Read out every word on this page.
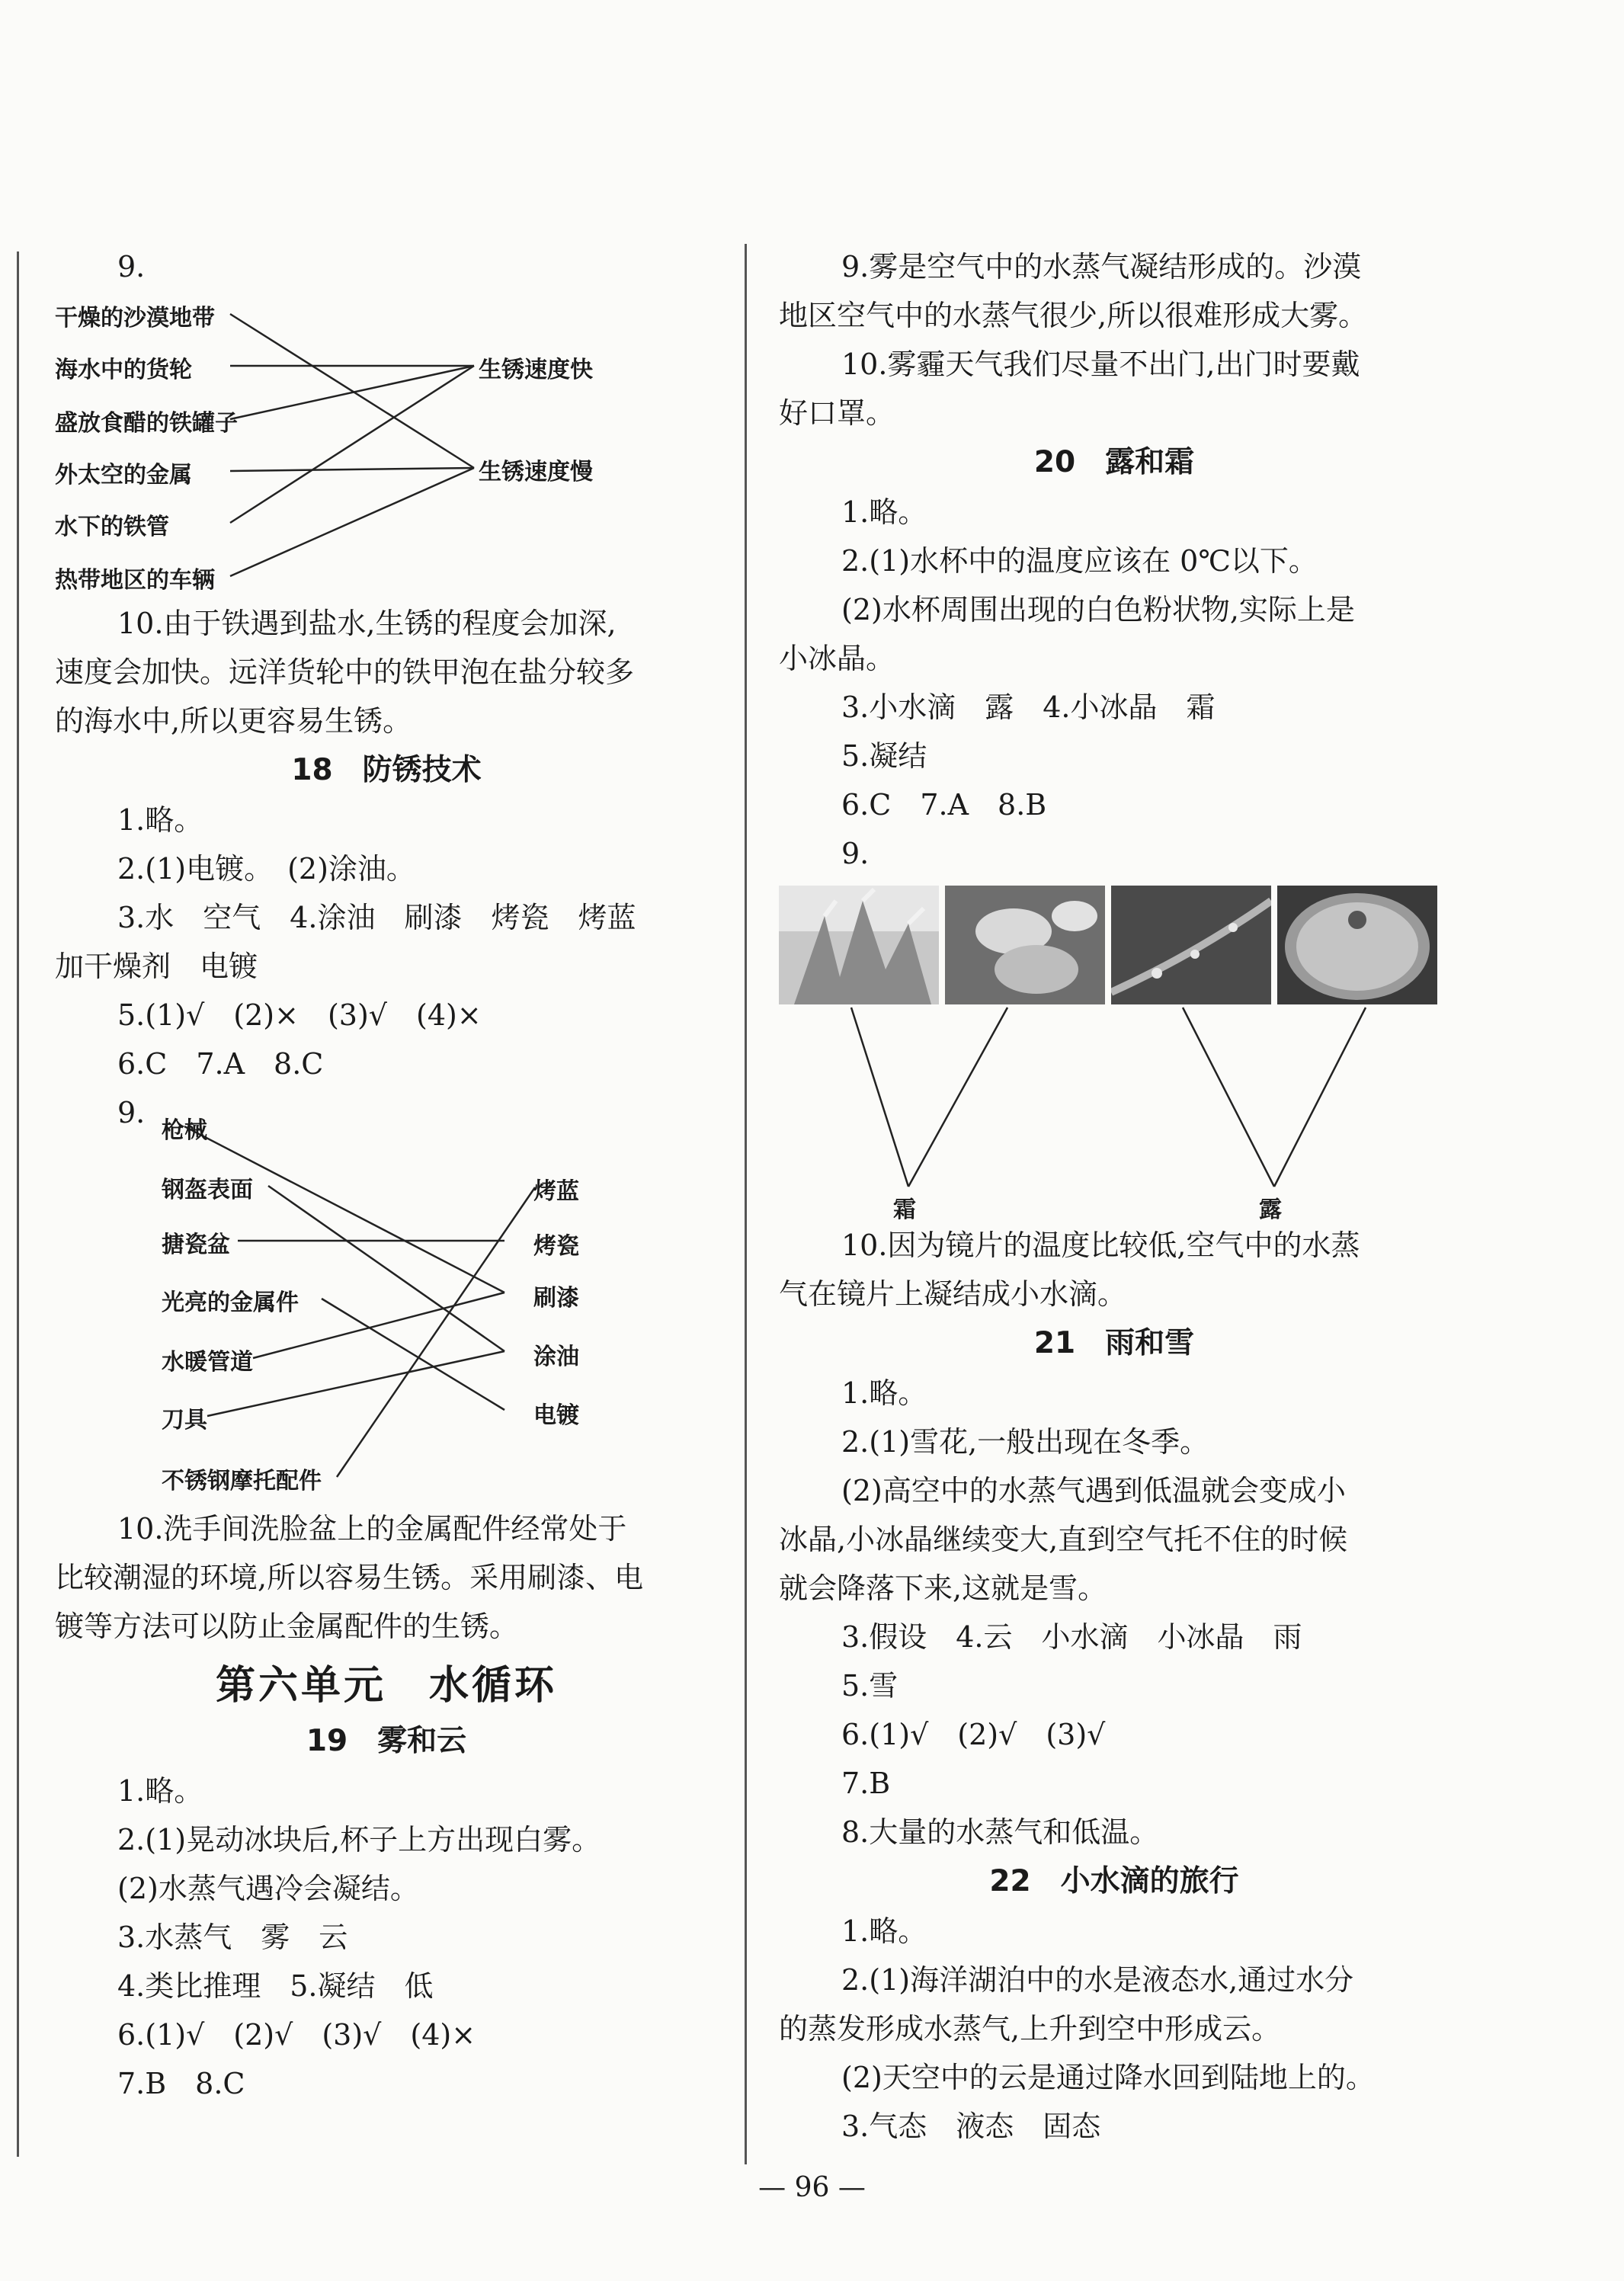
9.

干燥的沙漠地带
海水中的货轮
盛放食醋的铁罐子
外太空的金属
水下的铁管
热带地区的车辆
生锈速度快
生锈速度慢

10.由于铁遇到盐水,生锈的程度会加深,

速度会加快。远洋货轮中的铁甲泡在盐分较多

的海水中,所以更容易生锈。

18　防锈技术

1.略。

2.(1)电镀。　(2)涂油。

3.水　空气　4.涂油　刷漆　烤瓷　烤蓝

加干燥剂　电镀

5.(1)√　(2)×　(3)√　(4)×

6.C　7.A　8.C

9.

枪械
钢盔表面
搪瓷盆
光亮的金属件
水暖管道
刀具
不锈钢摩托配件
烤蓝
烤瓷
刷漆
涂油
电镀

10.洗手间洗脸盆上的金属配件经常处于

比较潮湿的环境,所以容易生锈。采用刷漆、电

镀等方法可以防止金属配件的生锈。

第六单元　水循环

19　雾和云

1.略。

2.(1)晃动冰块后,杯子上方出现白雾。

(2)水蒸气遇冷会凝结。

3.水蒸气　雾　云

4.类比推理　5.凝结　低

6.(1)√　(2)√　(3)√　(4)×

7.B　8.C

9.雾是空气中的水蒸气凝结形成的。沙漠

地区空气中的水蒸气很少,所以很难形成大雾。

10.雾霾天气我们尽量不出门,出门时要戴

好口罩。

20　露和霜

1.略。

2.(1)水杯中的温度应该在 0℃以下。

(2)水杯周围出现的白色粉状物,实际上是

小冰晶。

3.小水滴　露　4.小冰晶　霜

5.凝结

6.C　7.A　8.B

9.

霜	露

10.因为镜片的温度比较低,空气中的水蒸

气在镜片上凝结成小水滴。

21　雨和雪

1.略。

2.(1)雪花,一般出现在冬季。

(2)高空中的水蒸气遇到低温就会变成小

冰晶,小冰晶继续变大,直到空气托不住的时候

就会降落下来,这就是雪。

3.假设　4.云　小水滴　小冰晶　雨

5.雪

6.(1)√　(2)√　(3)√

7.B

8.大量的水蒸气和低温。

22　小水滴的旅行

1.略。

2.(1)海洋湖泊中的水是液态水,通过水分

的蒸发形成水蒸气,上升到空中形成云。

(2)天空中的云是通过降水回到陆地上的。

3.气态　液态　固态

— 96 —
